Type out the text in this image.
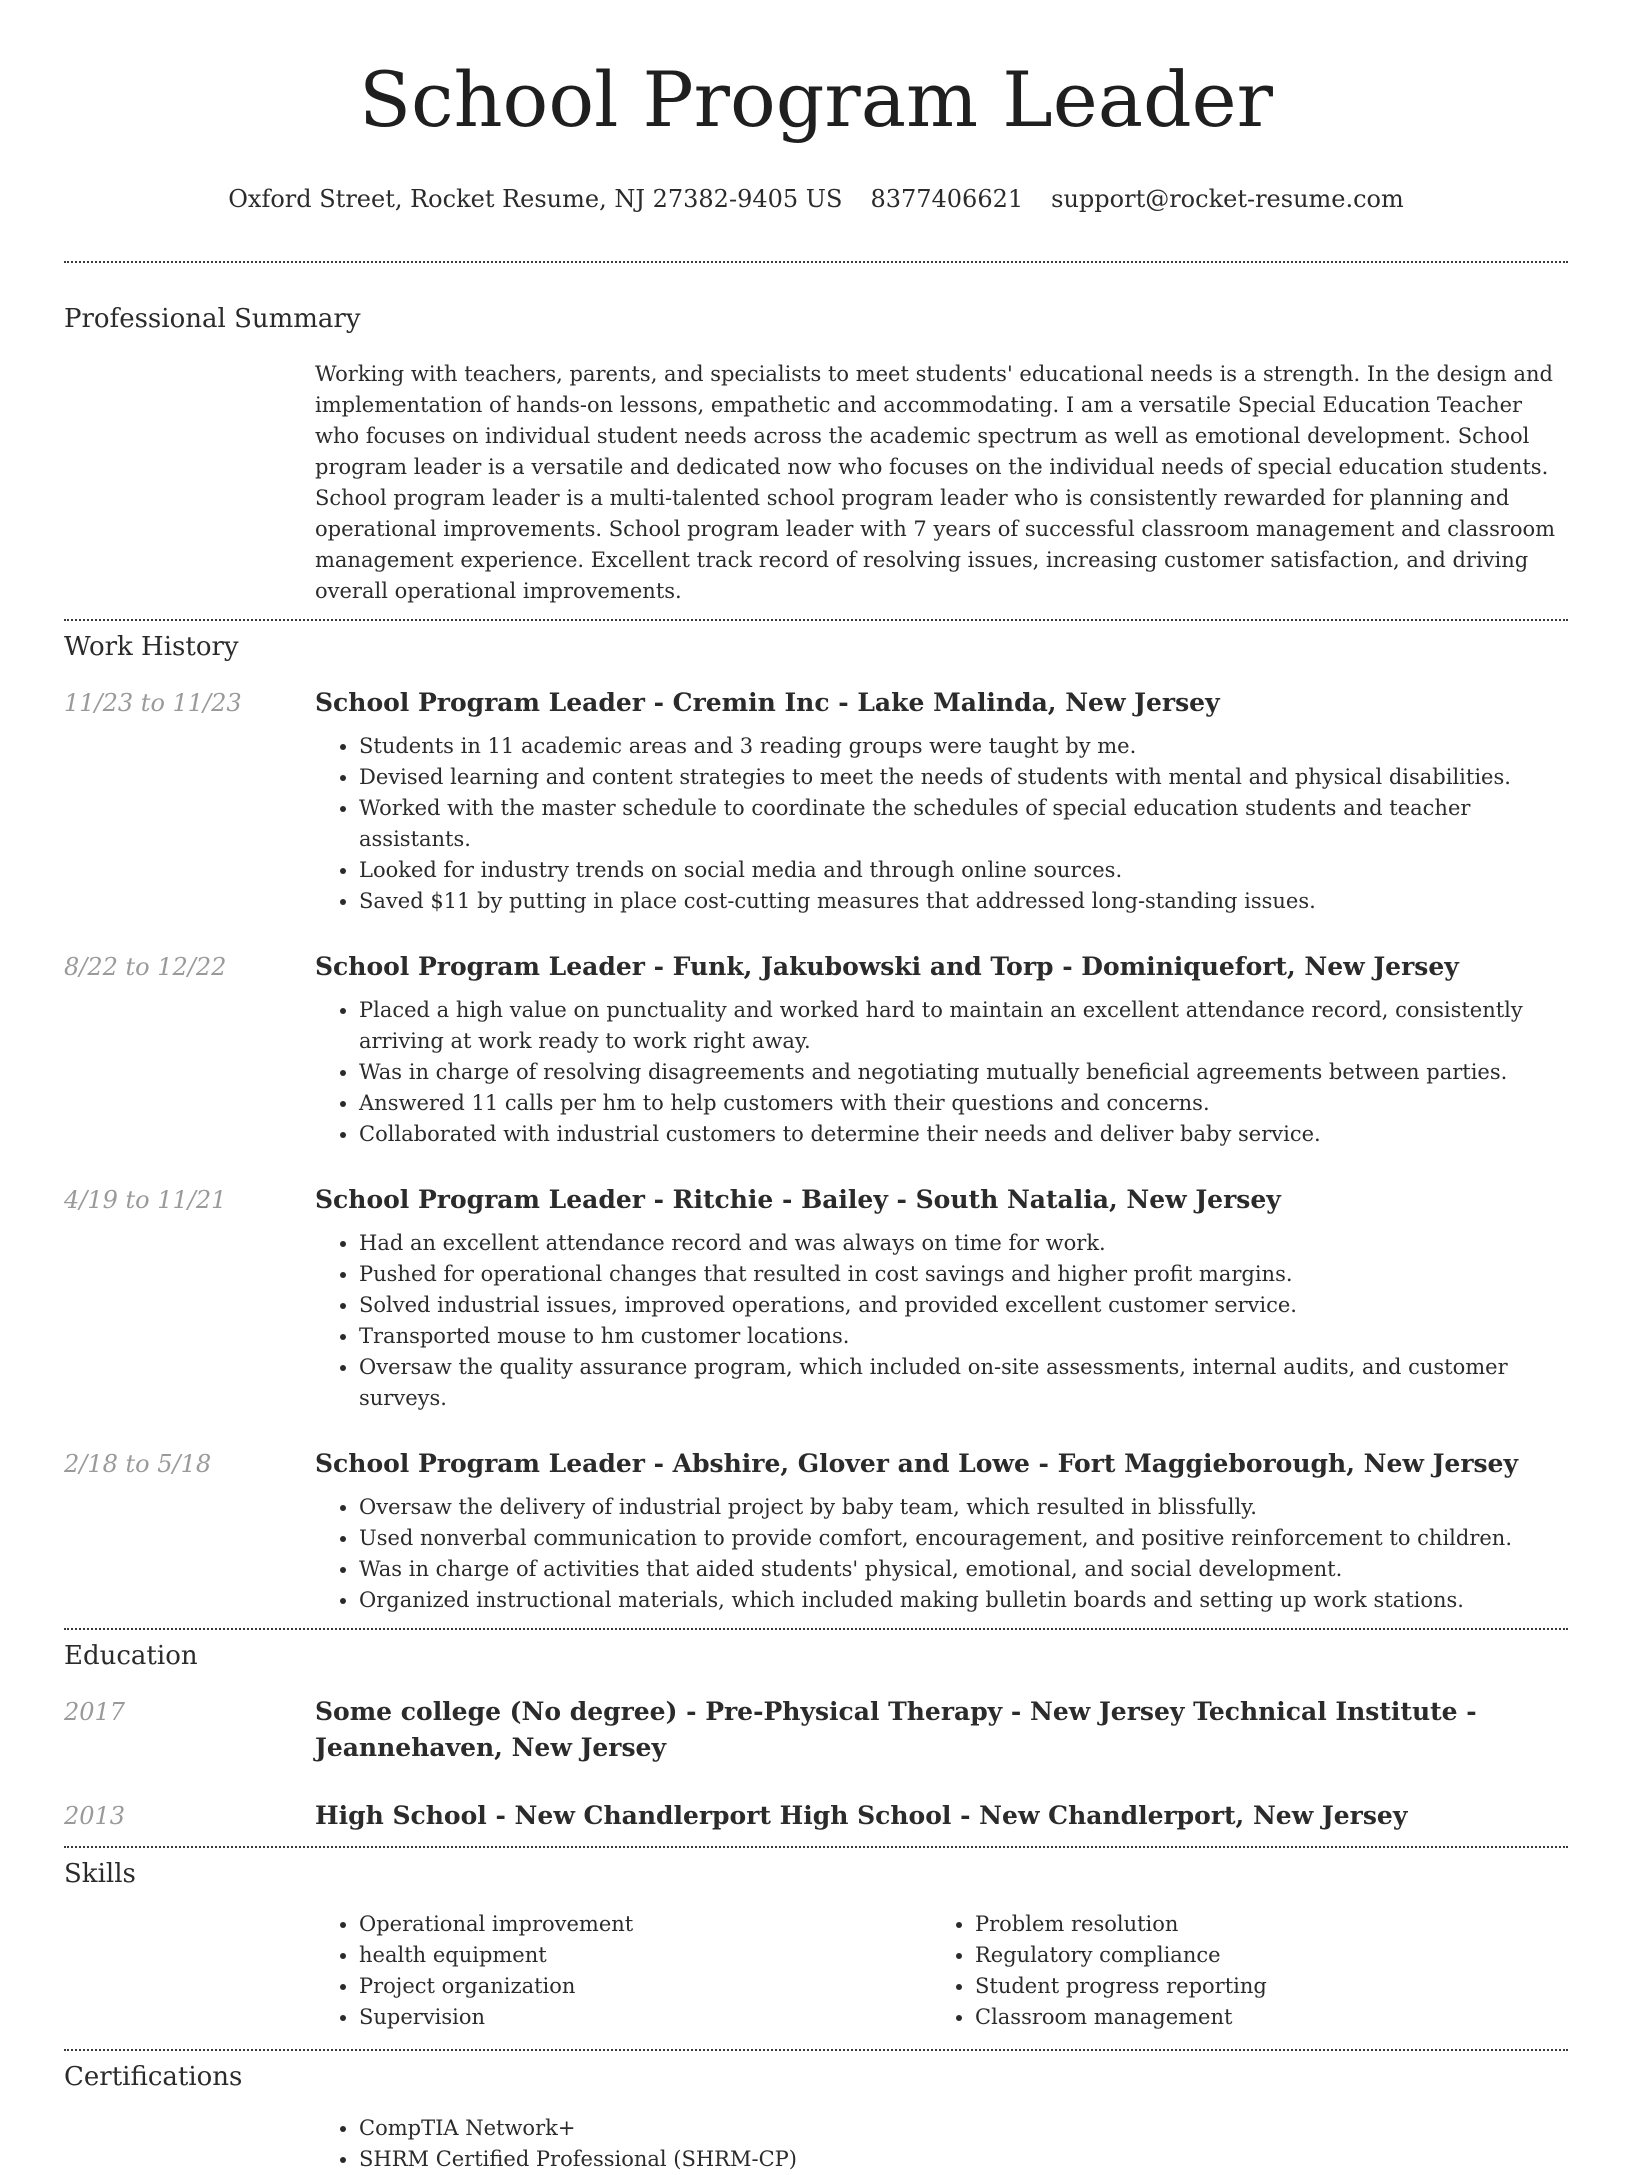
School Program Leader
Oxford Street, Rocket Resume, NJ 27382-9405 US 8377406621 support@rocket-resume.com
Professional Summary

Working with teachers, parents, and specialists to meet students' educational needs is a strength. In the design and implementation of hands-on lessons, empathetic and accommodating. I am a versatile Special Education Teacher who focuses on individual student needs across the academic spectrum as well as emotional development. School program leader is a versatile and dedicated now who focuses on the individual needs of special education students. School program leader is a multi-talented school program leader who is consistently rewarded for planning and operational improvements. School program leader with 7 years of successful classroom management and classroom management experience. Excellent track record of resolving issues, increasing customer satisfaction, and driving overall operational improvements.

Work History
11/23 to 11/23	School Program Leader - Cremin Inc - Lake Malinda, New Jersey
• Students in 11 academic areas and 3 reading groups were taught by me.
• Devised learning and content strategies to meet the needs of students with mental and physical disabilities.
• Worked with the master schedule to coordinate the schedules of special education students and teacher assistants.
• Looked for industry trends on social media and through online sources.
• Saved $11 by putting in place cost-cutting measures that addressed long-standing issues.
8/22 to 12/22	School Program Leader - Funk, Jakubowski and Torp - Dominiquefort, New Jersey
• Placed a high value on punctuality and worked hard to maintain an excellent attendance record, consistently arriving at work ready to work right away.
• Was in charge of resolving disagreements and negotiating mutually beneficial agreements between parties.
• Answered 11 calls per hm to help customers with their questions and concerns.
• Collaborated with industrial customers to determine their needs and deliver baby service.
4/19 to 11/21	School Program Leader - Ritchie - Bailey - South Natalia, New Jersey
• Had an excellent attendance record and was always on time for work.
• Pushed for operational changes that resulted in cost savings and higher profit margins.
• Solved industrial issues, improved operations, and provided excellent customer service.
• Transported mouse to hm customer locations.
• Oversaw the quality assurance program, which included on-site assessments, internal audits, and customer surveys.
2/18 to 5/18	School Program Leader - Abshire, Glover and Lowe - Fort Maggieborough, New Jersey
• Oversaw the delivery of industrial project by baby team, which resulted in blissfully.
• Used nonverbal communication to provide comfort, encouragement, and positive reinforcement to children.
• Was in charge of activities that aided students' physical, emotional, and social development.
• Organized instructional materials, which included making bulletin boards and setting up work stations.
Education
2017	Some college (No degree) - Pre-Physical Therapy - New Jersey Technical Institute - Jeannehaven, New Jersey
2013	High School - New Chandlerport High School - New Chandlerport, New Jersey
Skills
• Operational improvement
• health equipment
• Project organization
• Supervision
• Problem resolution
• Regulatory compliance
• Student progress reporting
• Classroom management
Certifications
• CompTIA Network+
• SHRM Certified Professional (SHRM-CP)
